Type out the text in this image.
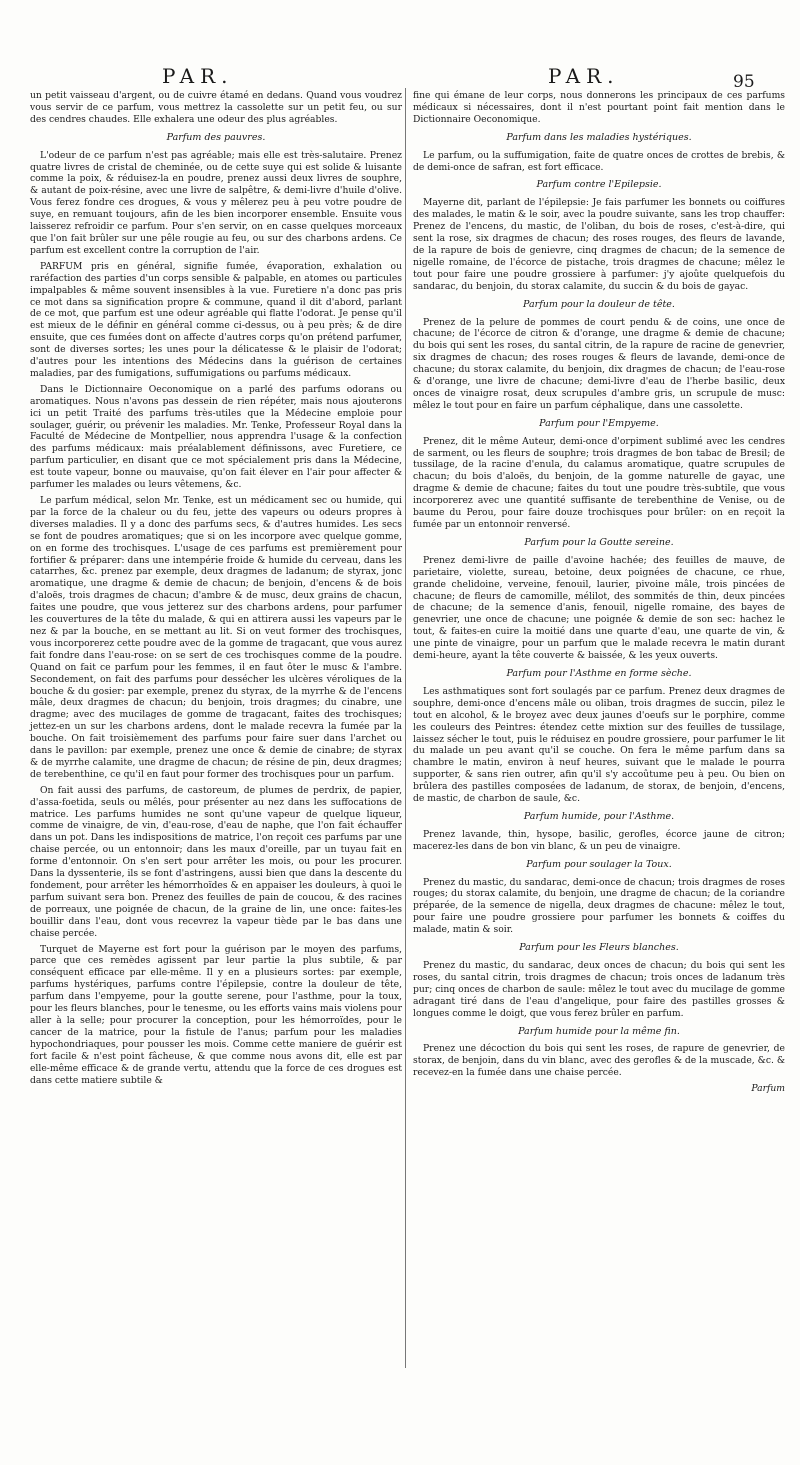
PAR.	PAR.	95

un petit vaisseau d'argent, ou de cuivre étamé en dedans. Quand vous voudrez vous servir de ce parfum, vous mettrez la cassolette sur un petit feu, ou sur des cendres chaudes. Elle exhalera une odeur des plus agréables.

Parfum des pauvres.

L'odeur de ce parfum n'est pas agréable; mais elle est très-salutaire. Prenez quatre livres de cristal de cheminée, ou de cette suye qui est solide & luisante comme la poix, & réduisez-la en poudre, prenez aussi deux livres de souphre, & autant de poix-résine, avec une livre de salpêtre, & demi-livre d'huile d'olive. Vous ferez fondre ces drogues, & vous y mêlerez peu à peu votre poudre de suye, en remuant toujours, afin de les bien incorporer ensemble. Ensuite vous laisserez refroidir ce parfum. Pour s'en servir, on en casse quelques morceaux que l'on fait brûler sur une pêle rougie au feu, ou sur des charbons ardens. Ce parfum est excellent contre la corruption de l'air.

PARFUM pris en général, signifie fumée, évaporation, exhalation ou raréfaction des parties d'un corps sensible & palpable, en atomes ou particules impalpables & même souvent insensibles à la vue. Furetiere n'a donc pas pris ce mot dans sa signification propre & commune, quand il dit d'abord, parlant de ce mot, que parfum est une odeur agréable qui flatte l'odorat. Je pense qu'il est mieux de le définir en général comme ci-dessus, ou à peu près; & de dire ensuite, que ces fumées dont on affecte d'autres corps qu'on prétend parfumer, sont de diverses sortes; les unes pour la délicatesse & le plaisir de l'odorat; d'autres pour les intentions des Médecins dans la guérison de certaines maladies, par des fumigations, suffumigations ou parfums médicaux.

Dans le Dictionnaire Oeconomique on a parlé des parfums odorans ou aromatiques. Nous n'avons pas dessein de rien répéter, mais nous ajouterons ici un petit Traité des parfums très-utiles que la Médecine emploie pour soulager, guérir, ou prévenir les maladies. Mr. Tenke, Professeur Royal dans la Faculté de Médecine de Montpellier, nous apprendra l'usage & la confection des parfums médicaux: mais préalablement définissons, avec Furetiere, ce parfum particulier, en disant que ce mot spécialement pris dans la Médecine, est toute vapeur, bonne ou mauvaise, qu'on fait élever en l'air pour affecter & parfumer les malades ou leurs vêtemens, &c.

Le parfum médical, selon Mr. Tenke, est un médicament sec ou humide, qui par la force de la chaleur ou du feu, jette des vapeurs ou odeurs propres à diverses maladies. Il y a donc des parfums secs, & d'autres humides. Les secs se font de poudres aromatiques; que si on les incorpore avec quelque gomme, on en forme des trochisques. L'usage de ces parfums est premièrement pour fortifier & préparer: dans une intempérie froide & humide du cerveau, dans les catarrhes, &c. prenez par exemple, deux dragmes de ladanum; de styrax, jonc aromatique, une dragme & demie de chacun; de benjoin, d'encens & de bois d'aloës, trois dragmes de chacun; d'ambre & de musc, deux grains de chacun, faites une poudre, que vous jetterez sur des charbons ardens, pour parfumer les couvertures de la tête du malade, & qui en attirera aussi les vapeurs par le nez & par la bouche, en se mettant au lit. Si on veut former des trochisques, vous incorporerez cette poudre avec de la gomme de tragacant, que vous aurez fait fondre dans l'eau-rose: on se sert de ces trochisques comme de la poudre. Quand on fait ce parfum pour les femmes, il en faut ôter le musc & l'ambre. Secondement, on fait des parfums pour dessécher les ulcères véroliques de la bouche & du gosier: par exemple, prenez du styrax, de la myrrhe & de l'encens mâle, deux dragmes de chacun; du benjoin, trois dragmes; du cinabre, une dragme; avec des mucilages de gomme de tragacant, faites des trochisques; jettez-en un sur les charbons ardens, dont le malade recevra la fumée par la bouche. On fait troisièmement des parfums pour faire suer dans l'archet ou dans le pavillon: par exemple, prenez une once & demie de cinabre; de styrax & de myrrhe calamite, une dragme de chacun; de résine de pin, deux dragmes; de terebenthine, ce qu'il en faut pour former des trochisques pour un parfum.

On fait aussi des parfums, de castoreum, de plumes de perdrix, de papier, d'assa-foetida, seuls ou mêlés, pour présenter au nez dans les suffocations de matrice. Les parfums humides ne sont qu'une vapeur de quelque liqueur, comme de vinaigre, de vin, d'eau-rose, d'eau de naphe, que l'on fait échauffer dans un pot. Dans les indispositions de matrice, l'on reçoit ces parfums par une chaise percée, ou un entonnoir; dans les maux d'oreille, par un tuyau fait en forme d'entonnoir. On s'en sert pour arrêter les mois, ou pour les procurer. Dans la dyssenterie, ils se font d'astringens, aussi bien que dans la descente du fondement, pour arrêter les hémorrhoïdes & en appaiser les douleurs, à quoi le parfum suivant sera bon. Prenez des feuilles de pain de coucou, & des racines de porreaux, une poignée de chacun, de la graine de lin, une once: faites-les bouillir dans l'eau, dont vous recevrez la vapeur tiède par le bas dans une chaise percée.

Turquet de Mayerne est fort pour la guérison par le moyen des parfums, parce que ces remèdes agissent par leur partie la plus subtile, & par conséquent efficace par elle-même. Il y en a plusieurs sortes: par exemple, parfums hystériques, parfums contre l'épilepsie, contre la douleur de tête, parfum dans l'empyeme, pour la goutte serene, pour l'asthme, pour la toux, pour les fleurs blanches, pour le tenesme, ou les efforts vains mais violens pour aller à la selle; pour procurer la conception, pour les hémorroïdes, pour le cancer de la matrice, pour la fistule de l'anus; parfum pour les maladies hypochondriaques, pour pousser les mois. Comme cette maniere de guérir est fort facile & n'est point fâcheuse, & que comme nous avons dit, elle est par elle-même efficace & de grande vertu, attendu que la force de ces drogues est dans cette matiere subtile &

fine qui émane de leur corps, nous donnerons les principaux de ces parfums médicaux si nécessaires, dont il n'est pourtant point fait mention dans le Dictionnaire Oeconomique.

Parfum dans les maladies hystériques.

Le parfum, ou la suffumigation, faite de quatre onces de crottes de brebis, & de demi-once de safran, est fort efficace.

Parfum contre l'Epilepsie.

Mayerne dit, parlant de l'épilepsie: Je fais parfumer les bonnets ou coiffures des malades, le matin & le soir, avec la poudre suivante, sans les trop chauffer: Prenez de l'encens, du mastic, de l'oliban, du bois de roses, c'est-à-dire, qui sent la rose, six dragmes de chacun; des roses rouges, des fleurs de lavande, de la rapure de bois de genievre, cinq dragmes de chacun; de la semence de nigelle romaine, de l'écorce de pistache, trois dragmes de chacune; mêlez le tout pour faire une poudre grossiere à parfumer: j'y ajoûte quelquefois du sandarac, du benjoin, du storax calamite, du succin & du bois de gayac.

Parfum pour la douleur de tête.

Prenez de la pelure de pommes de court pendu & de coins, une once de chacune; de l'écorce de citron & d'orange, une dragme & demie de chacune; du bois qui sent les roses, du santal citrin, de la rapure de racine de genevrier, six dragmes de chacun; des roses rouges & fleurs de lavande, demi-once de chacune; du storax calamite, du benjoin, dix dragmes de chacun; de l'eau-rose & d'orange, une livre de chacune; demi-livre d'eau de l'herbe basilic, deux onces de vinaigre rosat, deux scrupules d'ambre gris, un scrupule de musc: mêlez le tout pour en faire un parfum céphalique, dans une cassolette.

Parfum pour l'Empyeme.

Prenez, dit le même Auteur, demi-once d'orpiment sublimé avec les cendres de sarment, ou les fleurs de souphre; trois dragmes de bon tabac de Bresil; de tussilage, de la racine d'enula, du calamus aromatique, quatre scrupules de chacun; du bois d'aloës, du benjoin, de la gomme naturelle de gayac, une dragme & demie de chacune; faites du tout une poudre très-subtile, que vous incorporerez avec une quantité suffisante de terebenthine de Venise, ou de baume du Perou, pour faire douze trochisques pour brûler: on en reçoit la fumée par un entonnoir renversé.

Parfum pour la Goutte sereine.

Prenez demi-livre de paille d'avoine hachée; des feuilles de mauve, de parietaire, violette, sureau, betoine, deux poignées de chacune, ce rhue, grande chelidoine, verveine, fenouil, laurier, pivoine mâle, trois pincées de chacune; de fleurs de camomille, mélilot, des sommités de thin, deux pincées de chacune; de la semence d'anis, fenouil, nigelle romaine, des bayes de genevrier, une once de chacune; une poignée & demie de son sec: hachez le tout, & faites-en cuire la moitié dans une quarte d'eau, une quarte de vin, & une pinte de vinaigre, pour un parfum que le malade recevra le matin durant demi-heure, ayant la tête couverte & baissée, & les yeux ouverts.

Parfum pour l'Asthme en forme sèche.

Les asthmatiques sont fort soulagés par ce parfum. Prenez deux dragmes de souphre, demi-once d'encens mâle ou oliban, trois dragmes de succin, pilez le tout en alcohol, & le broyez avec deux jaunes d'oeufs sur le porphire, comme les couleurs des Peintres: étendez cette mixtion sur des feuilles de tussilage, laissez sécher le tout, puis le réduisez en poudre grossiere, pour parfumer le lit du malade un peu avant qu'il se couche. On fera le même parfum dans sa chambre le matin, environ à neuf heures, suivant que le malade le pourra supporter, & sans rien outrer, afin qu'il s'y accoûtume peu à peu. Ou bien on brûlera des pastilles composées de ladanum, de storax, de benjoin, d'encens, de mastic, de charbon de saule, &c.

Parfum humide, pour l'Asthme.

Prenez lavande, thin, hysope, basilic, gerofles, écorce jaune de citron; macerez-les dans de bon vin blanc, & un peu de vinaigre.

Parfum pour soulager la Toux.

Prenez du mastic, du sandarac, demi-once de chacun; trois dragmes de roses rouges; du storax calamite, du benjoin, une dragme de chacun; de la coriandre préparée, de la semence de nigella, deux dragmes de chacune: mêlez le tout, pour faire une poudre grossiere pour parfumer les bonnets & coiffes du malade, matin & soir.

Parfum pour les Fleurs blanches.

Prenez du mastic, du sandarac, deux onces de chacun; du bois qui sent les roses, du santal citrin, trois dragmes de chacun; trois onces de ladanum très pur; cinq onces de charbon de saule: mêlez le tout avec du mucilage de gomme adragant tiré dans de l'eau d'angelique, pour faire des pastilles grosses & longues comme le doigt, que vous ferez brûler en parfum.

Parfum humide pour la même fin.

Prenez une décoction du bois qui sent les roses, de rapure de genevrier, de storax, de benjoin, dans du vin blanc, avec des gerofles & de la muscade, &c. & recevez-en la fumée dans une chaise percée.

Parfum
